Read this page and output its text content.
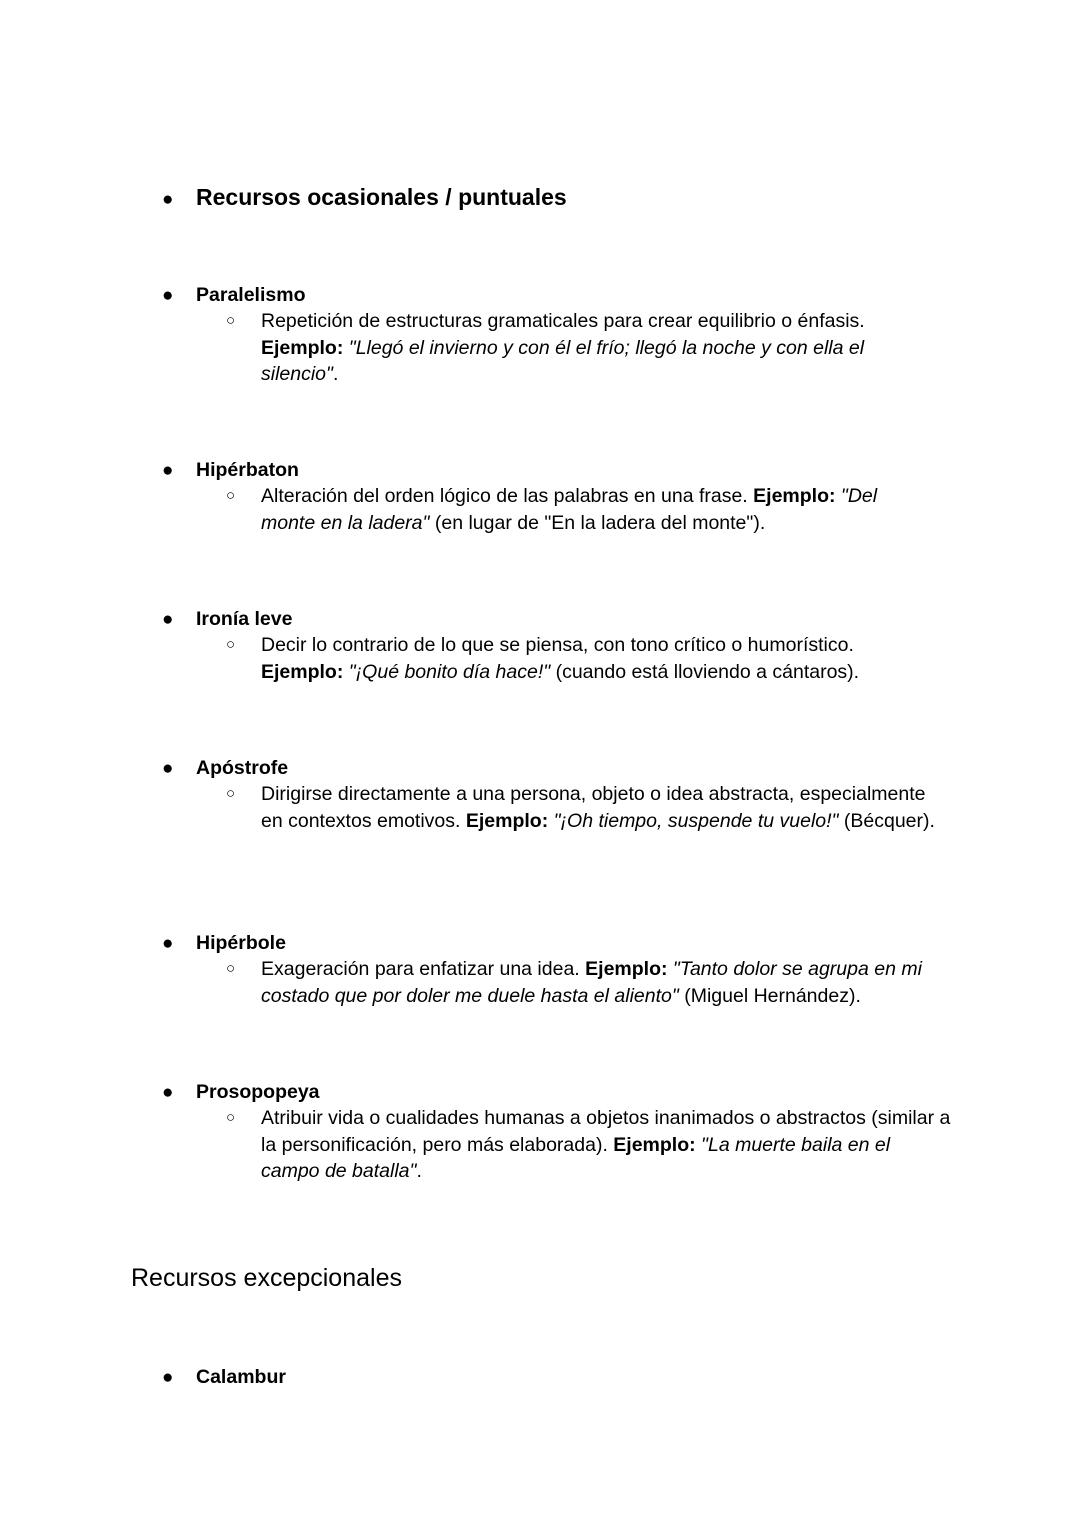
● Recursos ocasionales / puntuales
●	Paralelismo
○	Repetición de estructuras gramaticales para crear equilibrio o énfasis.
Ejemplo: "Llegó el invierno y con él el frío; llegó la noche y con ella el silencio".
●	Hipérbaton
○	Alteración del orden lógico de las palabras en una frase. Ejemplo: "Del monte en la ladera" (en lugar de "En la ladera del monte").
●	Ironía leve
○	Decir lo contrario de lo que se piensa, con tono crítico o humorístico.
Ejemplo: "¡Qué bonito día hace!" (cuando está lloviendo a cántaros).
●	Apóstrofe
○	Dirigirse directamente a una persona, objeto o idea abstracta, especialmente en contextos emotivos. Ejemplo: "¡Oh tiempo, suspende tu vuelo!" (Bécquer).
●	Hipérbole
○	Exageración para enfatizar una idea. Ejemplo: "Tanto dolor se agrupa en mi costado que por doler me duele hasta el aliento" (Miguel Hernández).
●	Prosopopeya
○	Atribuir vida o cualidades humanas a objetos inanimados o abstractos (similar a la personificación, pero más elaborada). Ejemplo: "La muerte baila en el campo de batalla".
Recursos excepcionales
●	Calambur
